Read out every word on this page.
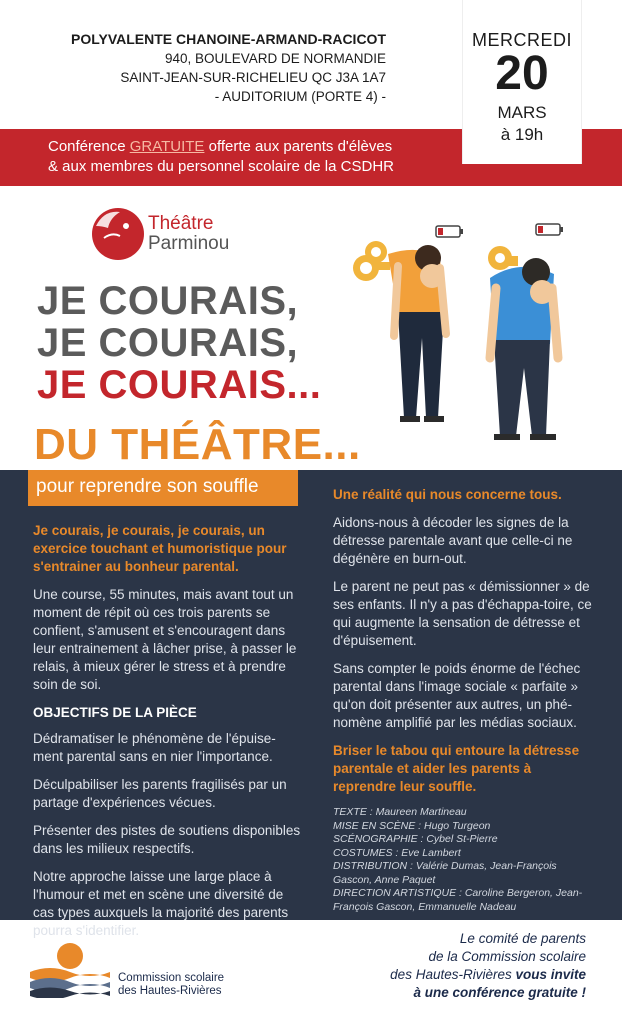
POLYVALENTE CHANOINE-ARMAND-RACICOT
940, BOULEVARD DE NORMANDIE
SAINT-JEAN-SUR-RICHELIEU QC J3A 1A7
- AUDITORIUM (PORTE 4) -
Conférence GRATUITE offerte aux parents d'élèves
& aux membres du personnel scolaire de la CSDHR
MERCREDI
20
MARS
à 19h
Théâtre
Parminou
JE COURAIS,
JE COURAIS,
JE COURAIS...
DU THÉÂTRE...
pour reprendre son souffle

Je courais, je courais, je courais, un exercice touchant et humoristique pour s'entrainer au bonheur parental.

Une course, 55 minutes, mais avant tout un moment de répit où ces trois parents se confient, s'amusent et s'encouragent dans leur entrainement à lâcher prise, à passer le relais, à mieux gérer le stress et à prendre soin de soi.

OBJECTIFS DE LA PIÈCE

Dédramatiser le phénomène de l'épuise-ment parental sans en nier l'importance.

Déculpabiliser les parents fragilisés par un partage d'expériences vécues.

Présenter des pistes de soutiens disponibles dans les milieux respectifs.

Notre approche laisse une large place à l'humour et met en scène une diversité de cas types auxquels la majorité des parents pourra s'identifier.

Une réalité qui nous concerne tous.

Aidons-nous à décoder les signes de la détresse parentale avant que celle-ci ne dégénère en burn-out.

Le parent ne peut pas « démissionner » de ses enfants. Il n'y a pas d'échappa-toire, ce qui augmente la sensation de détresse et d'épuisement.

Sans compter le poids énorme de l'échec parental dans l'image sociale « parfaite » qu'on doit présenter aux autres, un phé-nomène amplifié par les médias sociaux.

Briser le tabou qui entoure la détresse parentale et aider les parents à reprendre leur souffle.

TEXTE : Maureen Martineau
MISE EN SCÈNE : Hugo Turgeon
SCÉNOGRAPHIE : Cybel St-Pierre
COSTUMES : Eve Lambert
DISTRIBUTION : Valérie Dumas, Jean-François Gascon, Anne Paquet
DIRECTION ARTISTIQUE : Caroline Bergeron, Jean-François Gascon, Emmanuelle Nadeau
Commission scolaire
des Hautes-Rivières
Le comité de parents
de la Commission scolaire
des Hautes-Rivières vous invite
à une conférence gratuite !
